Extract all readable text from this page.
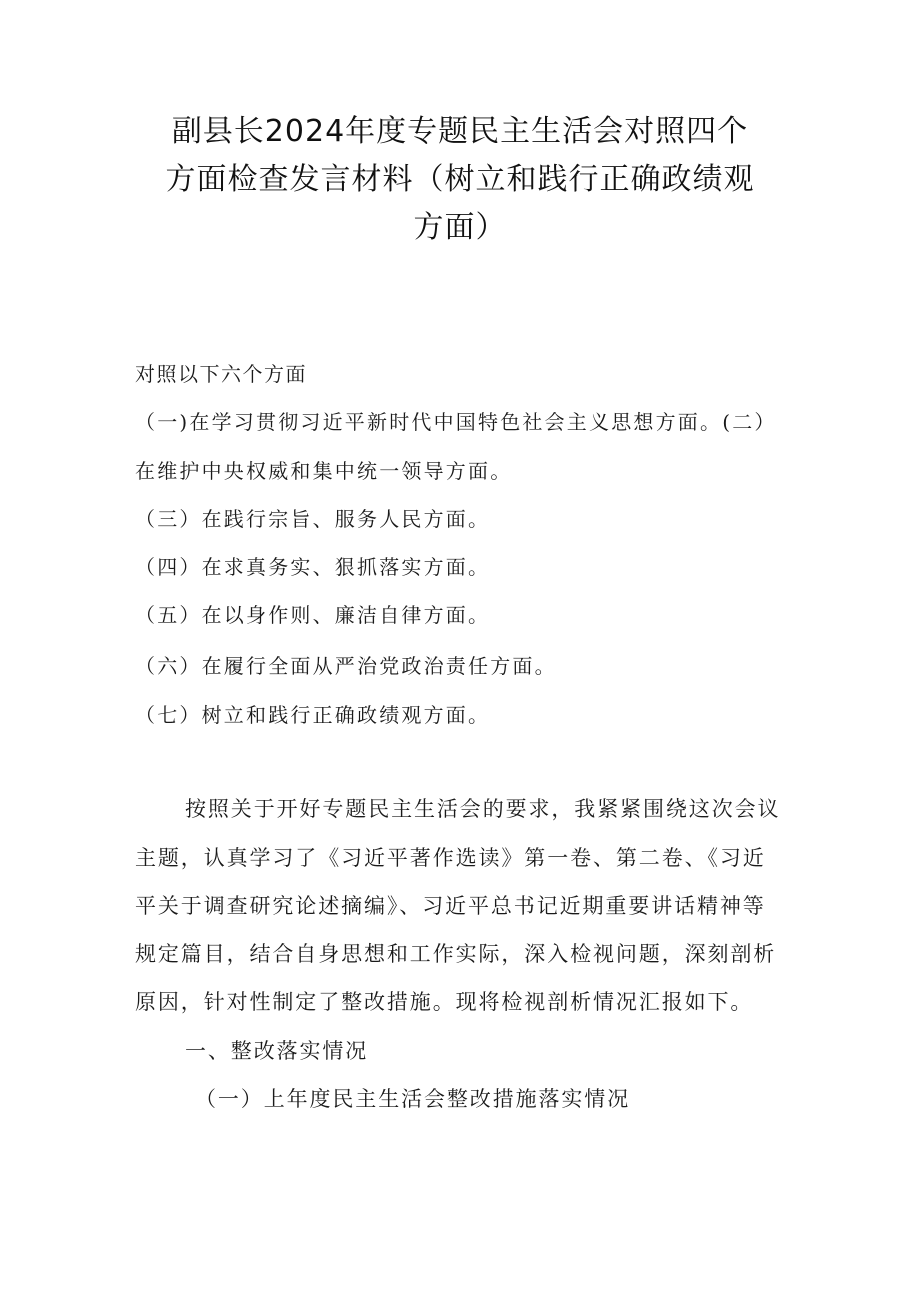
副县长2024年度专题民主生活会对照四个
方面检查发言材料（树立和践行正确政绩观
方面）
对照以下六个方面
（一)在学习贯彻习近平新时代中国特色社会主义思想方面。(二）
在维护中央权威和集中统一领导方面。
（三）在践行宗旨、服务人民方面。
（四）在求真务实、狠抓落实方面。
（五）在以身作则、廉洁自律方面。
（六）在履行全面从严治党政治责任方面。
（七）树立和践行正确政绩观方面。
按照关于开好专题民主生活会的要求，我紧紧围绕这次会议
主题，认真学习了《习近平著作选读》第一卷、第二卷、《习近
平关于调查研究论述摘编》、习近平总书记近期重要讲话精神等
规定篇目，结合自身思想和工作实际，深入检视问题，深刻剖析
原因，针对性制定了整改措施。现将检视剖析情况汇报如下。
一、整改落实情况
（一）上年度民主生活会整改措施落实情况
